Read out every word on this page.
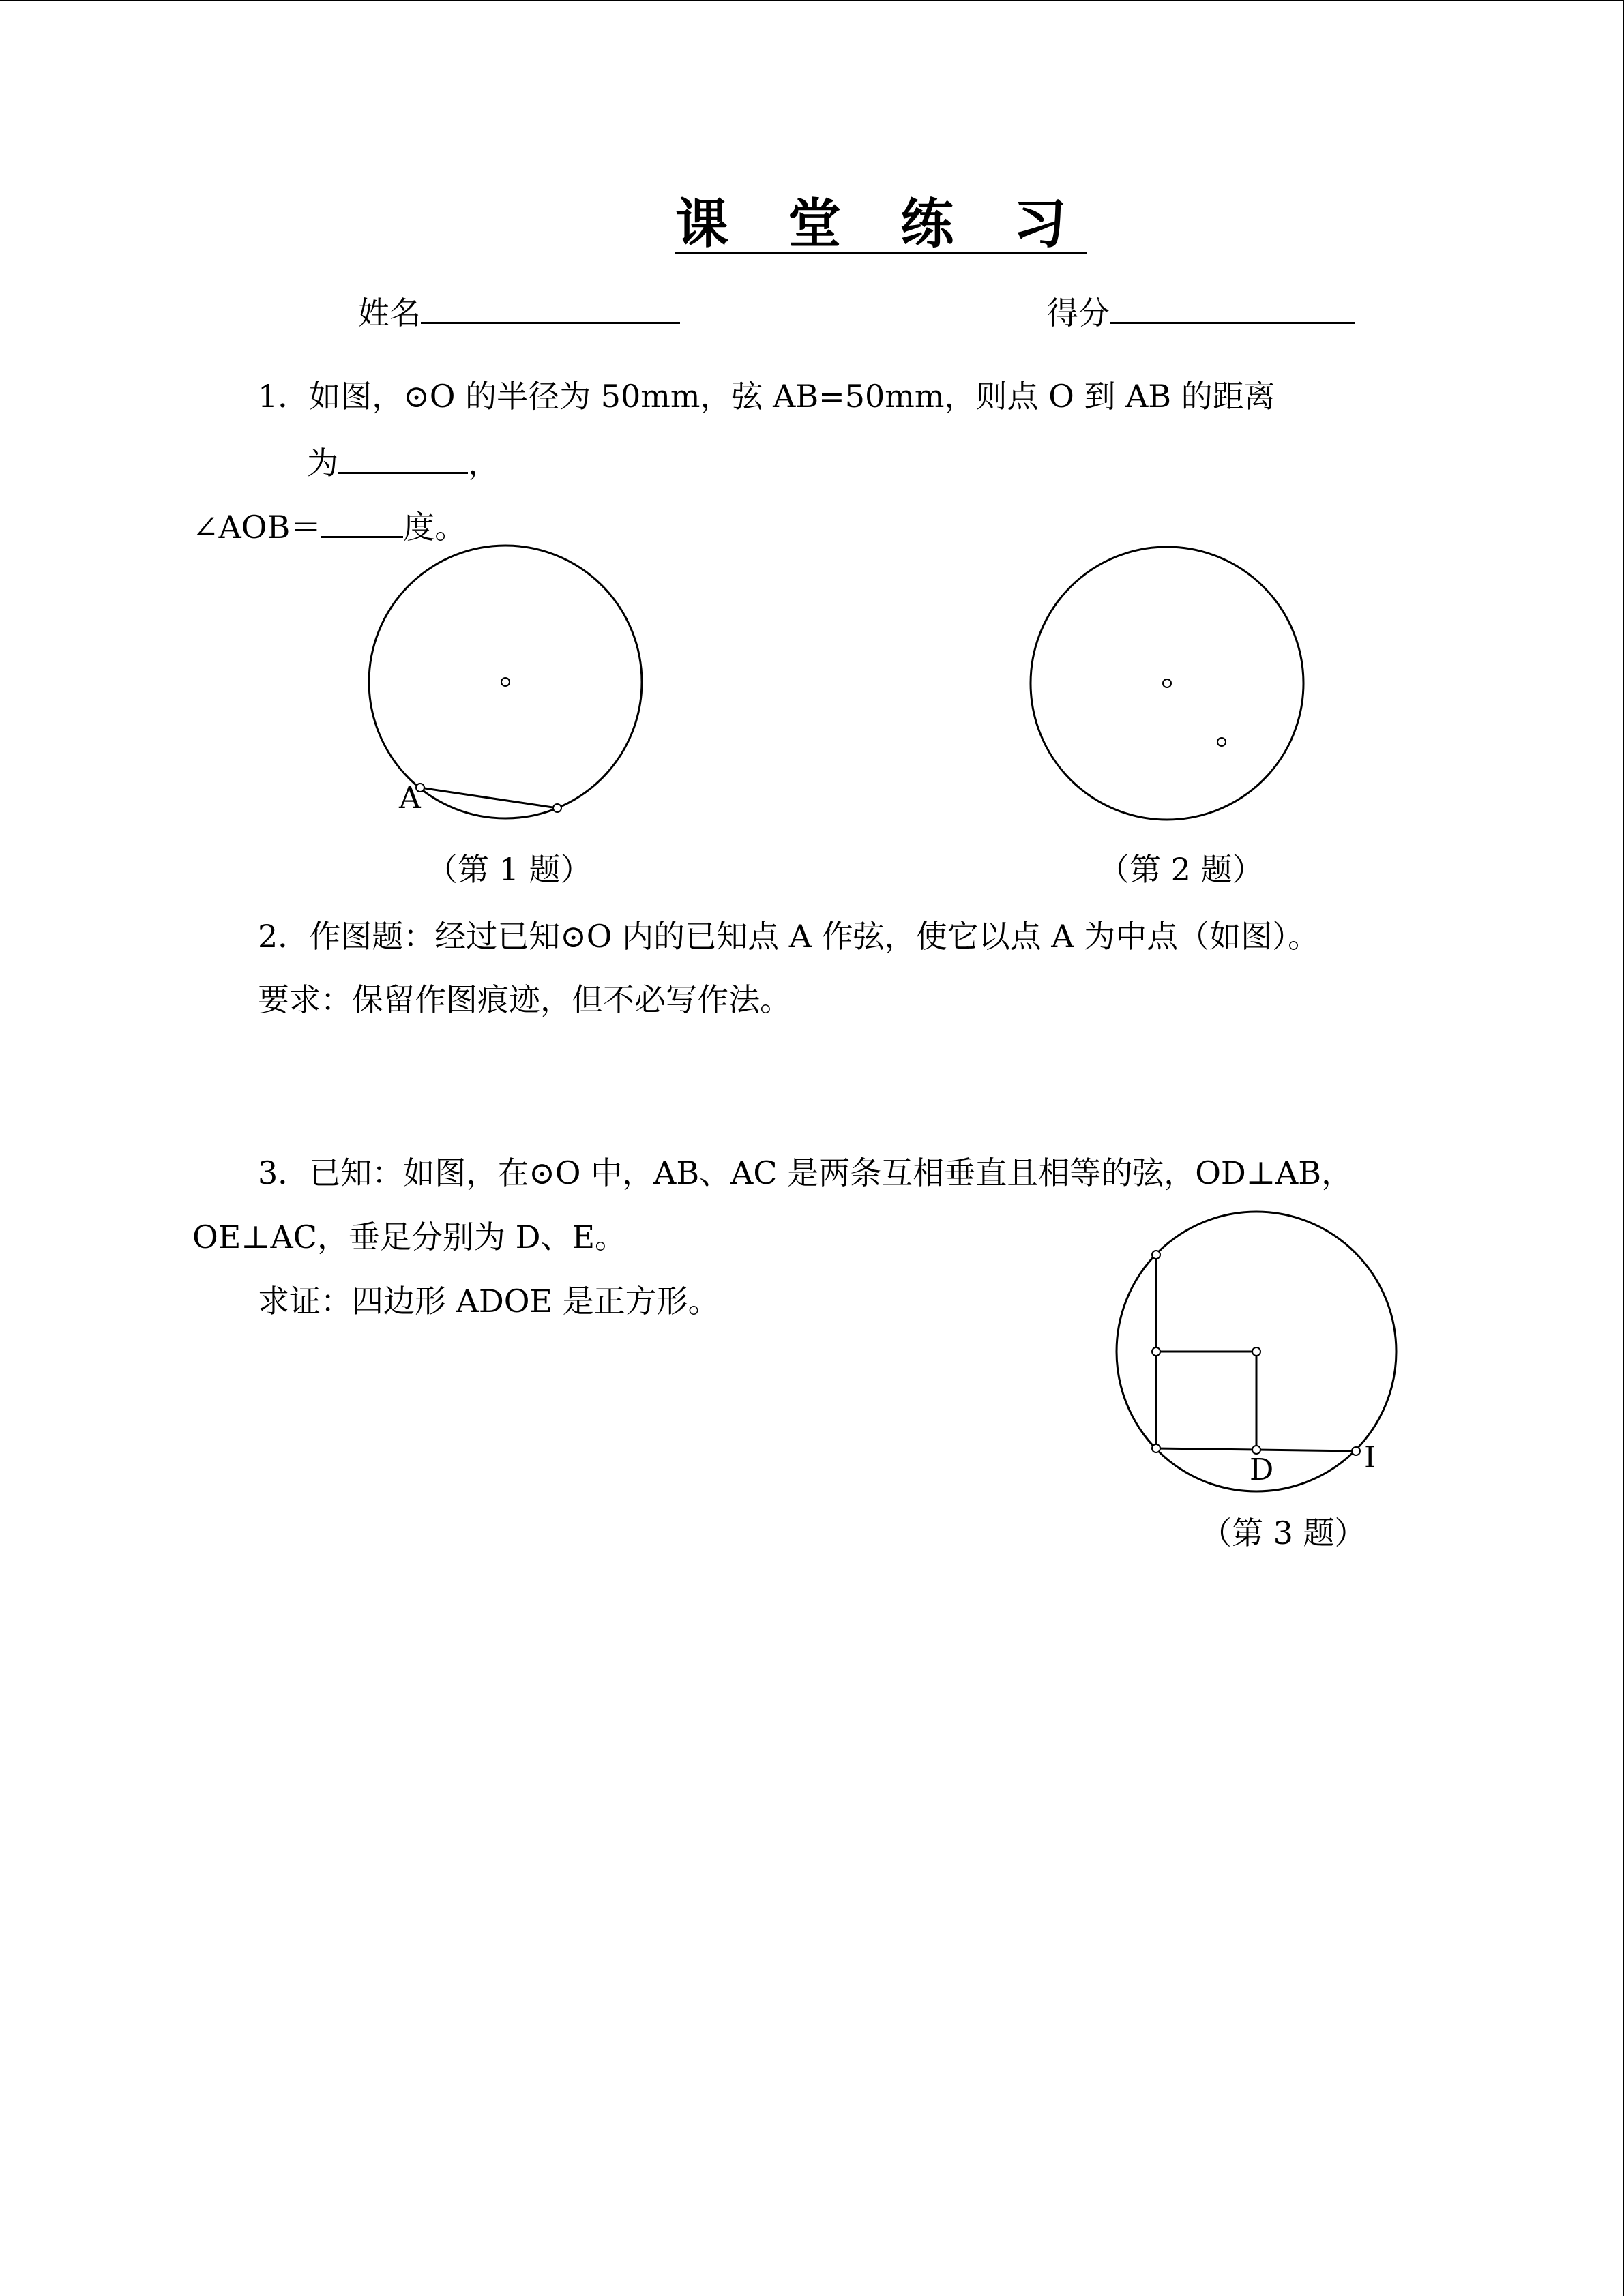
课 堂 练 习
姓名	得分
1．如图，⊙O 的半径为 50mm，弦 AB=50mm，则点 O 到 AB 的距离
为	，
∠AOB＝	度。
A
（第 1 题）	（第 2 题）
2．作图题：经过已知⊙O 内的已知点 A 作弦，使它以点 A 为中点（如图）。
要求：保留作图痕迹，但不必写作法。
3．已知：如图，在⊙O 中，AB、AC 是两条互相垂直且相等的弦，OD⊥AB，
OE⊥AC，垂足分别为 D、E。
求证：四边形 ADOE 是正方形。
D	I
（第 3 题）
